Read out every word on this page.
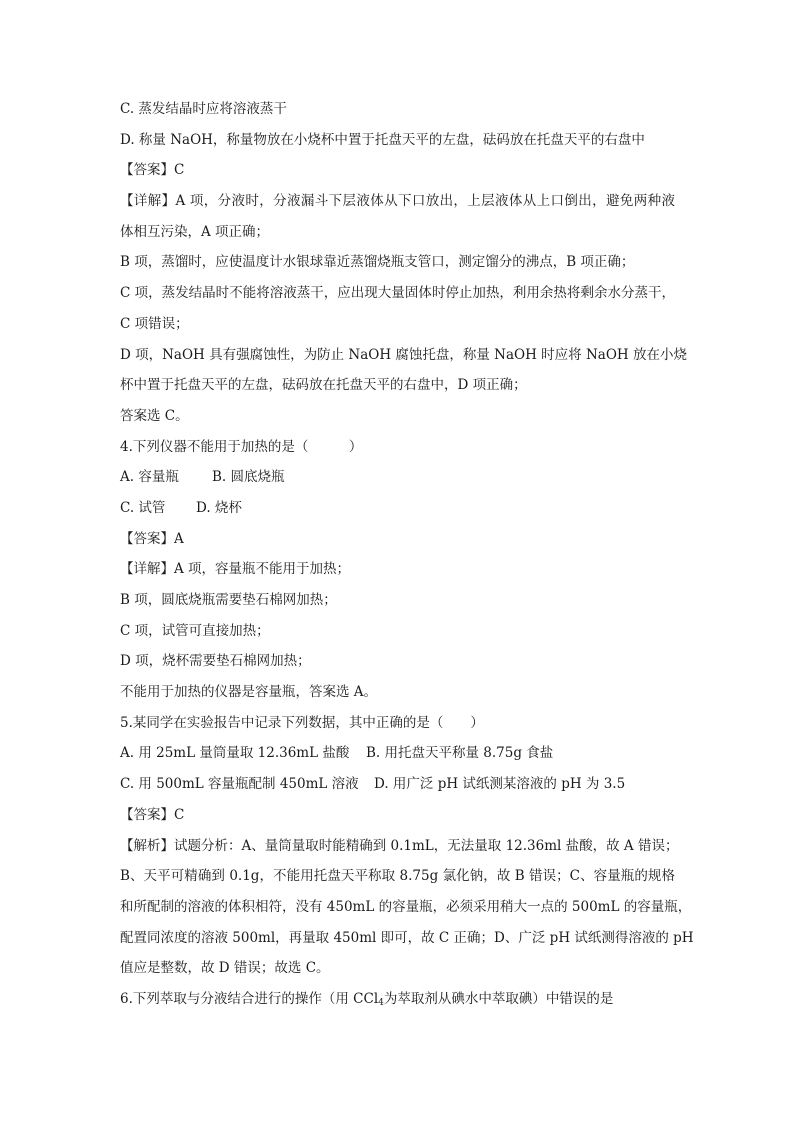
C. 蒸发结晶时应将溶液蒸干
D. 称量 NaOH，称量物放在小烧杯中置于托盘天平的左盘，砝码放在托盘天平的右盘中
【答案】C
【详解】A 项，分液时，分液漏斗下层液体从下口放出，上层液体从上口倒出，避免两种液
体相互污染，A 项正确；
B 项，蒸馏时，应使温度计水银球靠近蒸馏烧瓶支管口，测定馏分的沸点，B 项正确；
C 项，蒸发结晶时不能将溶液蒸干，应出现大量固体时停止加热，利用余热将剩余水分蒸干，
C 项错误；
D 项，NaOH 具有强腐蚀性，为防止 NaOH 腐蚀托盘，称量 NaOH 时应将 NaOH 放在小烧
杯中置于托盘天平的左盘，砝码放在托盘天平的右盘中，D 项正确；
答案选 C。
4.下列仪器不能用于加热的是（　　　）
A. 容量瓶 B. 圆底烧瓶
C. 试管 D. 烧杯
【答案】A
【详解】A 项，容量瓶不能用于加热；
B 项，圆底烧瓶需要垫石棉网加热；
C 项，试管可直接加热；
D 项，烧杯需要垫石棉网加热；
不能用于加热的仪器是容量瓶，答案选 A。
5.某同学在实验报告中记录下列数据，其中正确的是（　　）
A. 用 25mL 量筒量取 12.36mL 盐酸 B. 用托盘天平称量 8.75g 食盐
C. 用 500mL 容量瓶配制 450mL 溶液 D. 用广泛 pH 试纸测某溶液的 pH 为 3.5
【答案】C
【解析】试题分析：A、量筒量取时能精确到 0.1mL，无法量取 12.36ml 盐酸，故 A 错误；
B、天平可精确到 0.1g，不能用托盘天平称取 8.75g 氯化钠，故 B 错误；C、容量瓶的规格
和所配制的溶液的体积相符，没有 450mL 的容量瓶，必须采用稍大一点的 500mL 的容量瓶，
配置同浓度的溶液 500ml，再量取 450ml 即可，故 C 正确；D、广泛 pH 试纸测得溶液的 pH
值应是整数，故 D 错误；故选 C。
6.下列萃取与分液结合进行的操作（用 CCl$_4$为萃取剂从碘水中萃取碘）中错误的是
